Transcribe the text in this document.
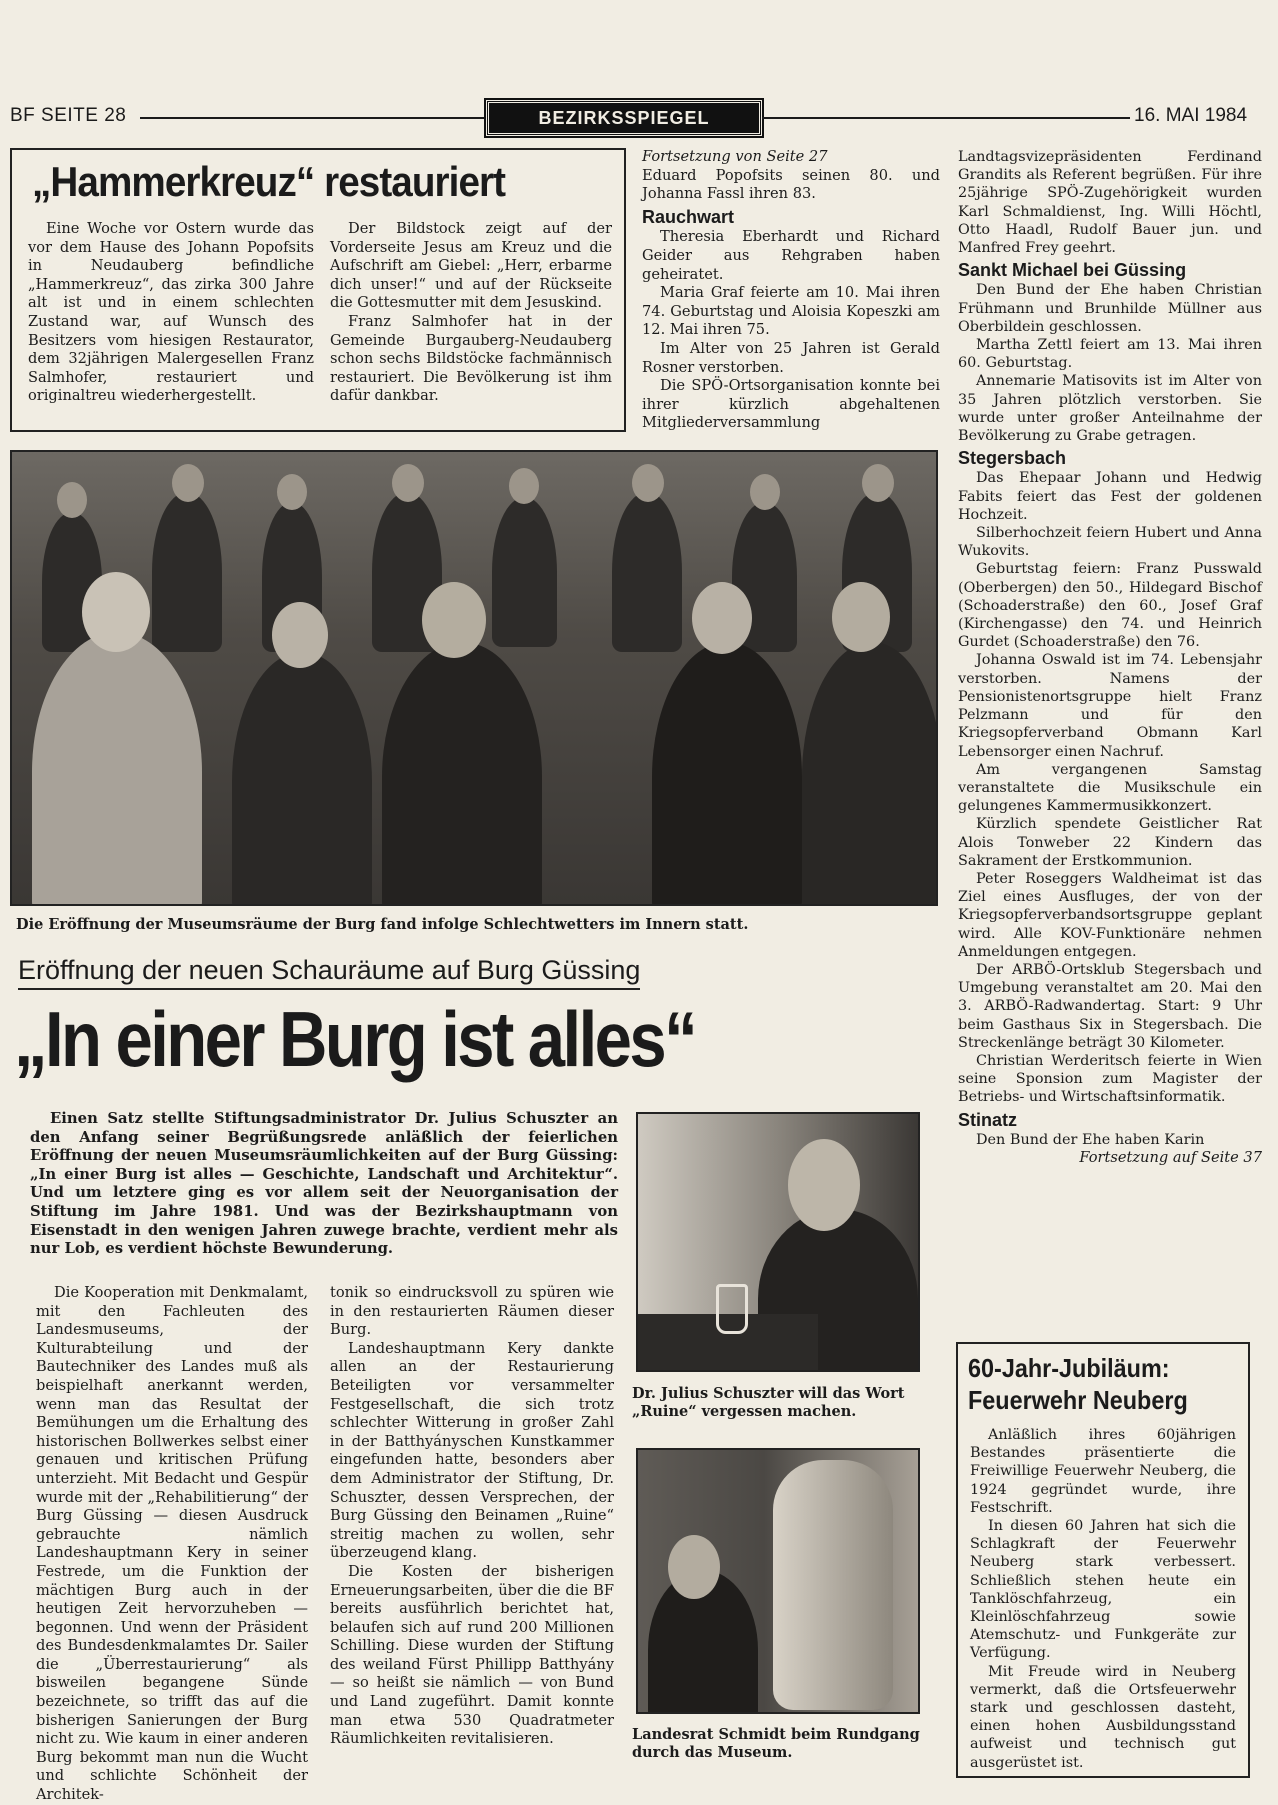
BF SEITE 28	BEZIRKSSPIEGEL	16. MAI 1984
„Hammerkreuz“ restauriert

Eine Woche vor Ostern wurde das vor dem Hause des Johann Popofsits in Neudauberg befindliche „Hammerkreuz“, das zirka 300 Jahre alt ist und in einem schlechten Zustand war, auf Wunsch des Besitzers vom hiesigen Restaurator, dem 32jährigen Malergesellen Franz Salmhofer, restauriert und originaltreu wiederhergestellt.

Der Bildstock zeigt auf der Vorderseite Jesus am Kreuz und die Aufschrift am Giebel: „Herr, erbarme dich unser!“ und auf der Rückseite die Gottesmutter mit dem Jesuskind.

Franz Salmhofer hat in der Gemeinde Burgauberg-Neudauberg schon sechs Bildstöcke fachmännisch restauriert. Die Bevölkerung ist ihm dafür dankbar.

Fortsetzung von Seite 27

Eduard Popofsits seinen 80. und Johanna Fassl ihren 83.

Rauchwart

Theresia Eberhardt und Richard Geider aus Rehgraben haben geheiratet.

Maria Graf feierte am 10. Mai ihren 74. Geburtstag und Aloisia Kopeszki am 12. Mai ihren 75.

Im Alter von 25 Jahren ist Gerald Rosner verstorben.

Die SPÖ-Ortsorganisation konnte bei ihrer kürzlich abgehaltenen Mitgliederversammlung

Landtagsvizepräsidenten Ferdinand Grandits als Referent begrüßen. Für ihre 25jährige SPÖ-Zugehörigkeit wurden Karl Schmaldienst, Ing. Willi Höchtl, Otto Haadl, Rudolf Bauer jun. und Manfred Frey geehrt.

Sankt Michael bei Güssing

Den Bund der Ehe haben Christian Frühmann und Brunhilde Müllner aus Oberbildein geschlossen.

Martha Zettl feiert am 13. Mai ihren 60. Geburtstag.

Annemarie Matisovits ist im Alter von 35 Jahren plötzlich verstorben. Sie wurde unter großer Anteilnahme der Bevölkerung zu Grabe getragen.

Stegersbach

Das Ehepaar Johann und Hedwig Fabits feiert das Fest der goldenen Hochzeit.

Silberhochzeit feiern Hubert und Anna Wukovits.

Geburtstag feiern: Franz Pusswald (Oberbergen) den 50., Hildegard Bischof (Schoaderstraße) den 60., Josef Graf (Kirchengasse) den 74. und Heinrich Gurdet (Schoaderstraße) den 76.

Johanna Oswald ist im 74. Lebensjahr verstorben. Namens der Pensionistenortsgruppe hielt Franz Pelzmann und für den Kriegsopferverband Obmann Karl Lebensorger einen Nachruf.

Am vergangenen Samstag veranstaltete die Musikschule ein gelungenes Kammermusikkonzert.

Kürzlich spendete Geistlicher Rat Alois Tonweber 22 Kindern das Sakrament der Erstkommunion.

Peter Roseggers Waldheimat ist das Ziel eines Ausfluges, der von der Kriegsopferverbandsortsgruppe geplant wird. Alle KOV-Funktionäre nehmen Anmeldungen entgegen.

Der ARBÖ-Ortsklub Stegersbach und Umgebung veranstaltet am 20. Mai den 3. ARBÖ-Radwandertag. Start: 9 Uhr beim Gasthaus Six in Stegersbach. Die Streckenlänge beträgt 30 Kilometer.

Christian Werderitsch feierte in Wien seine Sponsion zum Magister der Betriebs- und Wirtschaftsinformatik.

Stinatz

Den Bund der Ehe haben Karin

Fortsetzung auf Seite 37
Die Eröffnung der Museumsräume der Burg fand infolge Schlechtwetters im Innern statt.
Eröffnung der neuen Schauräume auf Burg Güssing
„In einer Burg ist alles“
Einen Satz stellte Stiftungsadministrator Dr. Julius Schuszter an den Anfang seiner Begrüßungsrede anläßlich der feierlichen Eröffnung der neuen Museumsräumlichkeiten auf der Burg Güssing: „In einer Burg ist alles — Geschichte, Landschaft und Architektur“. Und um letztere ging es vor allem seit der Neuorganisation der Stiftung im Jahre 1981. Und was der Bezirkshauptmann von Eisenstadt in den wenigen Jahren zuwege brachte, verdient mehr als nur Lob, es verdient höchste Bewunderung.

Die Kooperation mit Denkmalamt, mit den Fachleuten des Landesmuseums, der Kulturabteilung und der Bautechniker des Landes muß als beispielhaft anerkannt werden, wenn man das Resultat der Bemühungen um die Erhaltung des historischen Bollwerkes selbst einer genauen und kritischen Prüfung unterzieht. Mit Bedacht und Gespür wurde mit der „Rehabilitierung“ der Burg Güssing — diesen Ausdruck gebrauchte nämlich Landeshauptmann Kery in seiner Festrede, um die Funktion der mächtigen Burg auch in der heutigen Zeit hervorzuheben — begonnen. Und wenn der Präsident des Bundesdenkmalamtes Dr. Sailer die „Überrestaurierung“ als bisweilen begangene Sünde bezeichnete, so trifft das auf die bisherigen Sanierungen der Burg nicht zu. Wie kaum in einer anderen Burg bekommt man nun die Wucht und schlichte Schönheit der Architek-

tonik so eindrucksvoll zu spüren wie in den restaurierten Räumen dieser Burg.

Landeshauptmann Kery dankte allen an der Restaurierung Beteiligten vor versammelter Festgesellschaft, die sich trotz schlechter Witterung in großer Zahl in der Batthyányschen Kunstkammer eingefunden hatte, besonders aber dem Administrator der Stiftung, Dr. Schuszter, dessen Versprechen, der Burg Güssing den Beinamen „Ruine“ streitig machen zu wollen, sehr überzeugend klang.

Die Kosten der bisherigen Erneuerungsarbeiten, über die die BF bereits ausführlich berichtet hat, belaufen sich auf rund 200 Millionen Schilling. Diese wurden der Stiftung des weiland Fürst Phillipp Batthyány — so heißt sie nämlich — von Bund und Land zugeführt. Damit konnte man etwa 530 Quadratmeter Räumlichkeiten revitalisieren.

Dr. Julius Schuszter will das Wort „Ruine“ vergessen machen.
Landesrat Schmidt beim Rundgang durch das Museum.
60-Jahr-Jubiläum: Feuerwehr Neuberg

Anläßlich ihres 60jährigen Bestandes präsentierte die Freiwillige Feuerwehr Neuberg, die 1924 gegründet wurde, ihre Festschrift.

In diesen 60 Jahren hat sich die Schlagkraft der Feuerwehr Neuberg stark verbessert. Schließlich stehen heute ein Tanklöschfahrzeug, ein Kleinlöschfahrzeug sowie Atemschutz- und Funkgeräte zur Verfügung.

Mit Freude wird in Neuberg vermerkt, daß die Ortsfeuerwehr stark und geschlossen dasteht, einen hohen Ausbildungsstand aufweist und technisch gut ausgerüstet ist.
